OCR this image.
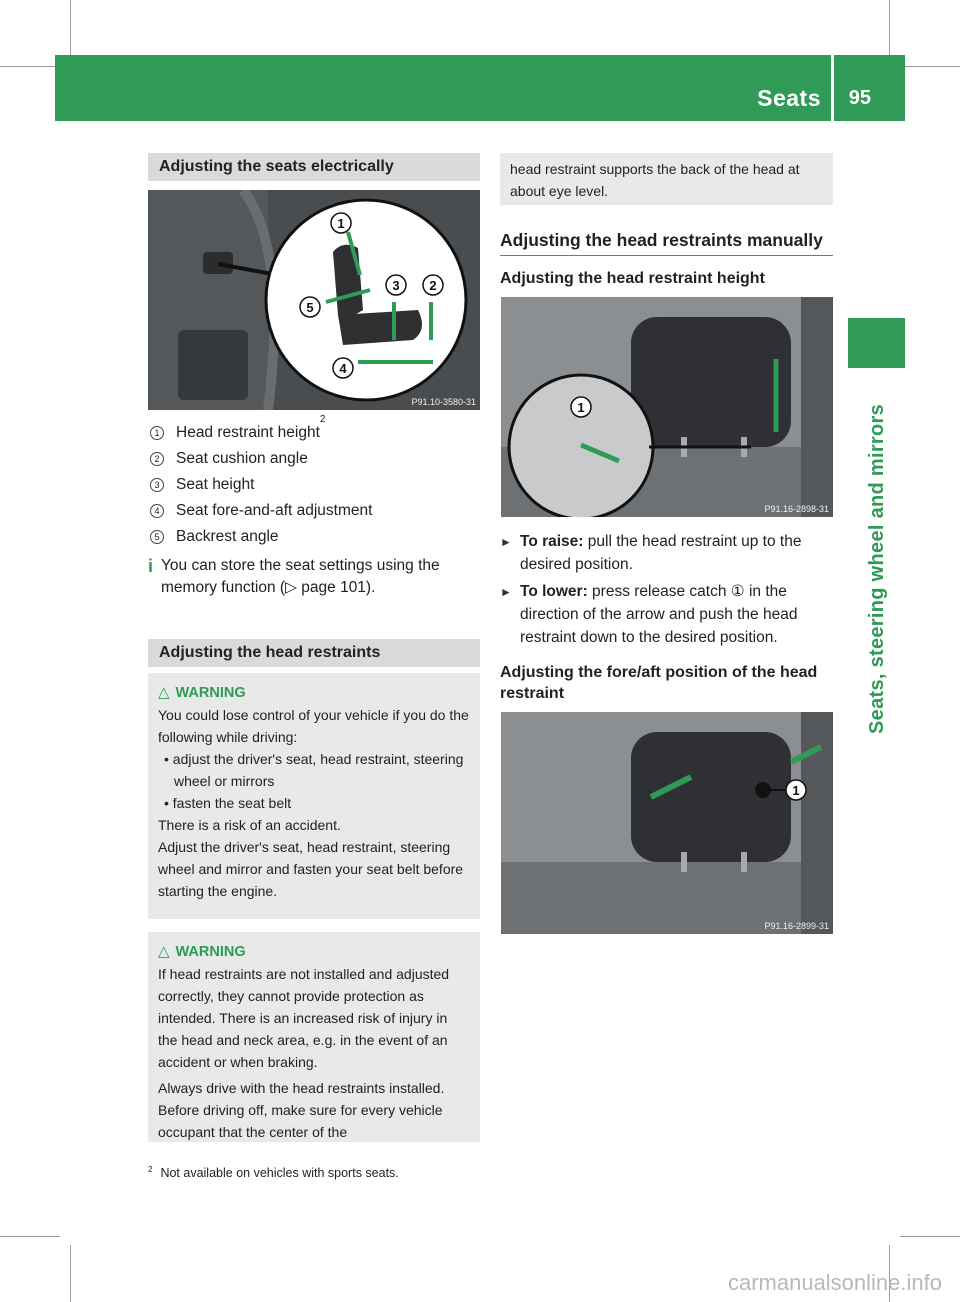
Seats 95
Seats, steering wheel and mirrors
Adjusting the seats electrically
1
2
3
4
5
P91.10-3580-31
1 Head restraint height
2
2 Seat cushion angle
3 Seat height
4 Seat fore-and-aft adjustment
5 Backrest angle
i You can store the seat settings using the memory function (▷ page 101).
Adjusting the head restraints
△ WARNING
You could lose control of your vehicle if you do the following while driving:
• adjust the driver's seat, head restraint, steering wheel or mirrors
• fasten the seat belt
There is a risk of an accident.
Adjust the driver's seat, head restraint, steering wheel and mirror and fasten your seat belt before starting the engine.
△ WARNING
If head restraints are not installed and adjusted correctly, they cannot provide protection as intended. There is an increased risk of injury in the head and neck area, e.g. in the event of an accident or when braking.
Always drive with the head restraints installed. Before driving off, make sure for every vehicle occupant that the center of the
head restraint supports the back of the head at about eye level.
Adjusting the head restraints manually
Adjusting the head restraint height
1
P91.16-2898-31
► To raise: pull the head restraint up to the desired position.
► To lower: press release catch ① in the direction of the arrow and push the head restraint down to the desired position.
Adjusting the fore/aft position of the head restraint
1
P91.16-2899-31
$^2$ Not available on vehicles with sports seats.
carmanualsonline.info
